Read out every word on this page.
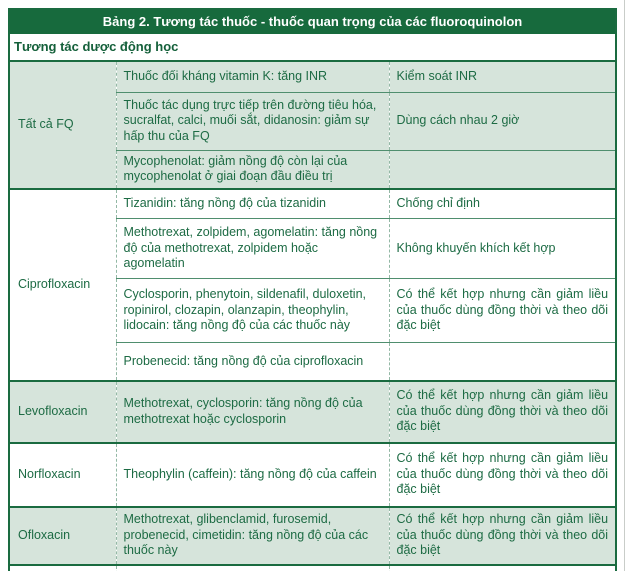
Bảng 2. Tương tác thuốc - thuốc quan trọng của các fluoroquinolon		
Tương tác dược động học		
Tất cả FQ	Thuốc đối kháng vitamin K: tăng INR	Kiểm soát INR
	Thuốc tác dụng trực tiếp trên đường tiêu hóa, sucralfat, calci, muối sắt, didanosin: giảm sự hấp thu của FQ	Dùng cách nhau 2 giờ
	Mycophenolat: giảm nồng độ còn lại của mycophenolat ở giai đoạn đầu điều trị	
Ciprofloxacin	Tizanidin: tăng nồng độ của tizanidin	Chống chỉ định
	Methotrexat, zolpidem, agomelatin: tăng nồng độ của methotrexat, zolpidem hoặc agomelatin	Không khuyến khích kết hợp
	Cyclosporin, phenytoin, sildenafil, duloxetin, ropinirol, clozapin, olanzapin, theophylin, lidocain: tăng nồng độ của các thuốc này	Có thể kết hợp nhưng cần giảm liều của thuốc dùng đồng thời và theo dõi đặc biệt
	Probenecid: tăng nồng độ của ciprofloxacin	
Levofloxacin	Methotrexat, cyclosporin: tăng nồng độ của methotrexat hoặc cyclosporin	Có thể kết hợp nhưng cần giảm liều của thuốc dùng đồng thời và theo dõi đặc biệt
Norfloxacin	Theophylin (caffein): tăng nồng độ của caffein	Có thể kết hợp nhưng cần giảm liều của thuốc dùng đồng thời và theo dõi đặc biệt
Ofloxacin	Methotrexat, glibenclamid, furosemid, probenecid, cimetidin: tăng nồng độ của các thuốc này	Có thể kết hợp nhưng cần giảm liều của thuốc dùng đồng thời và theo dõi đặc biệt
